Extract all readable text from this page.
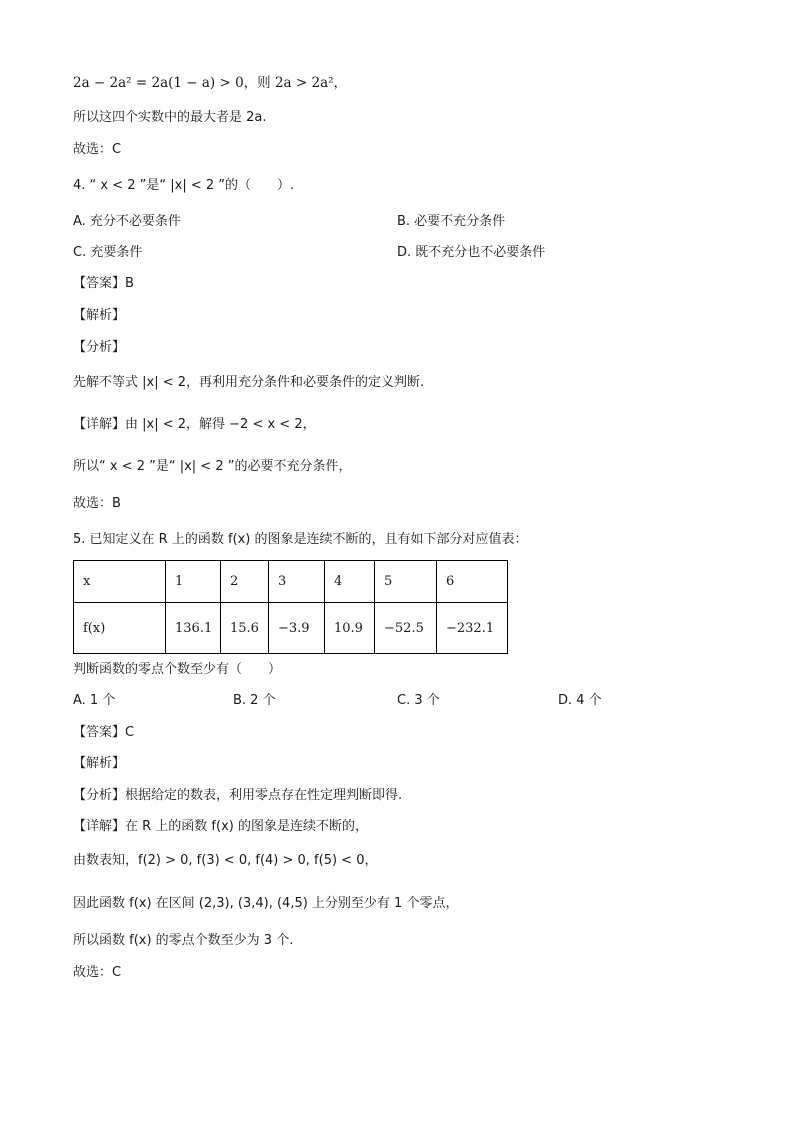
2a − 2a² = 2a(1 − a) > 0，则 2a > 2a²，
所以这四个实数中的最大者是 2a.
故选：C
4. “ x < 2 ”是“ |x| < 2 ”的（　　）.
A. 充分不必要条件	B. 必要不充分条件
C. 充要条件	D. 既不充分也不必要条件
【答案】B
【解析】
【分析】
先解不等式 |x| < 2，再利用充分条件和必要条件的定义判断.
【详解】由 |x| < 2，解得 −2 < x < 2，
所以“ x < 2 ”是“ |x| < 2 ”的必要不充分条件，
故选：B
5. 已知定义在 R 上的函数 f(x) 的图象是连续不断的，且有如下部分对应值表：
x	1	2	3	4	5	6
f(x)	136.1	15.6	−3.9	10.9	−52.5	−232.1
判断函数的零点个数至少有（　　）
A. 1 个	B. 2 个	C. 3 个	D. 4 个
【答案】C
【解析】
【分析】根据给定的数表，利用零点存在性定理判断即得.
【详解】在 R 上的函数 f(x) 的图象是连续不断的，
由数表知，f(2) > 0, f(3) < 0, f(4) > 0, f(5) < 0，
因此函数 f(x) 在区间 (2,3), (3,4), (4,5) 上分别至少有 1 个零点，
所以函数 f(x) 的零点个数至少为 3 个.
故选：C
